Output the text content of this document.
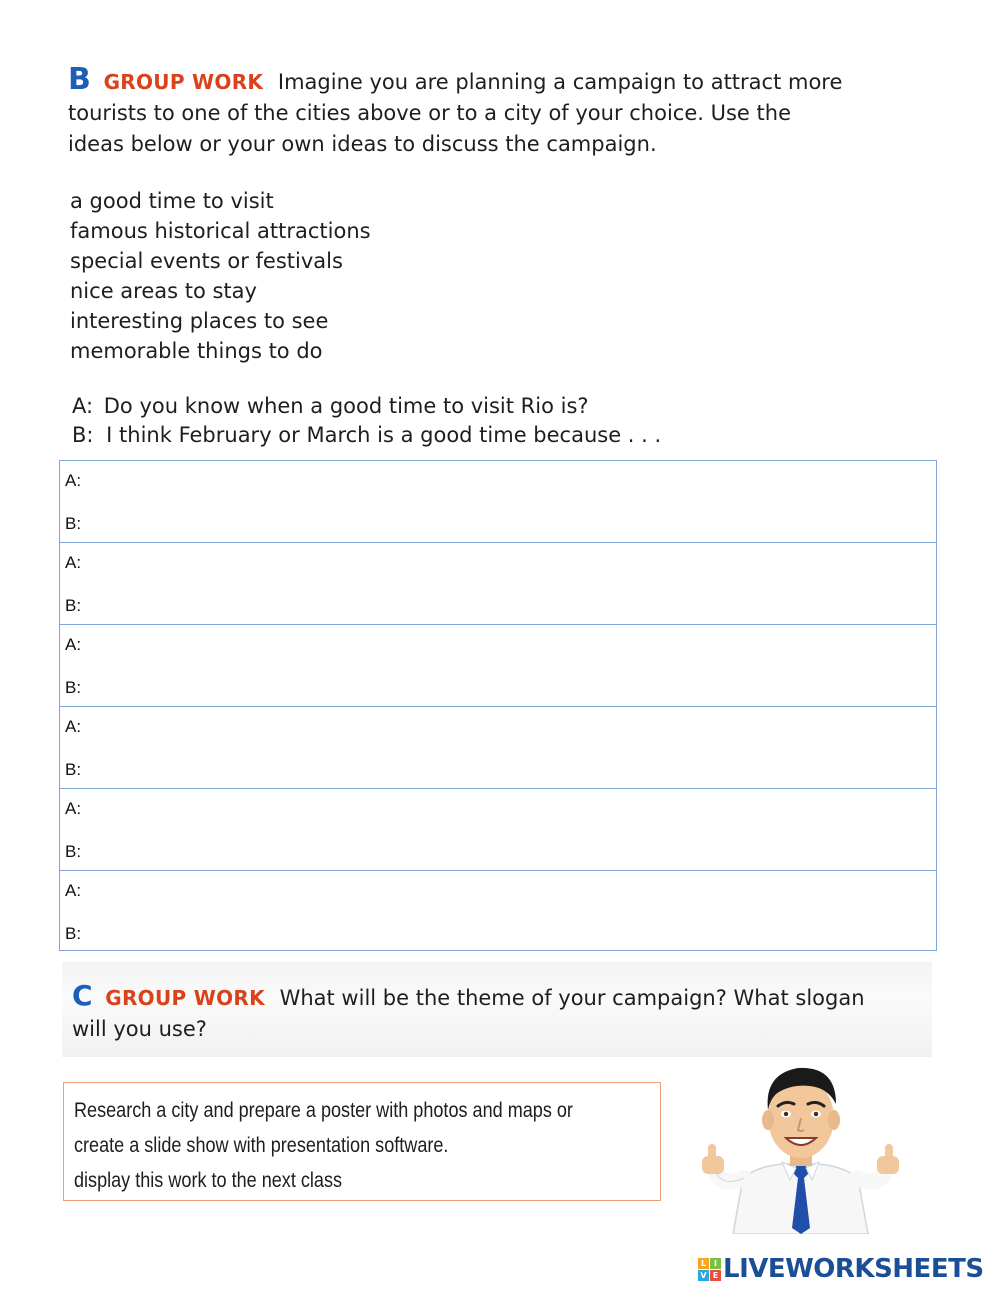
B GROUP WORK Imagine you are planning a campaign to attract more
tourists to one of the cities above or to a city of your choice. Use the
ideas below or your own ideas to discuss the campaign.

a good time to visit

famous historical attractions

special events or festivals

nice areas to stay

interesting places to see

memorable things to do

A: Do you know when a good time to visit Rio is?
B: I think February or March is a good time because . . .
A:
B:
A:
B:
A:
B:
A:
B:
A:
B:
A:
B:
C GROUP WORK What will be the theme of your campaign? What slogan
will you use?
Research a city and prepare a poster with photos and maps or
create a slide show with presentation software.
display this work to the next class
L I
V E LIVEWORKSHEETS
